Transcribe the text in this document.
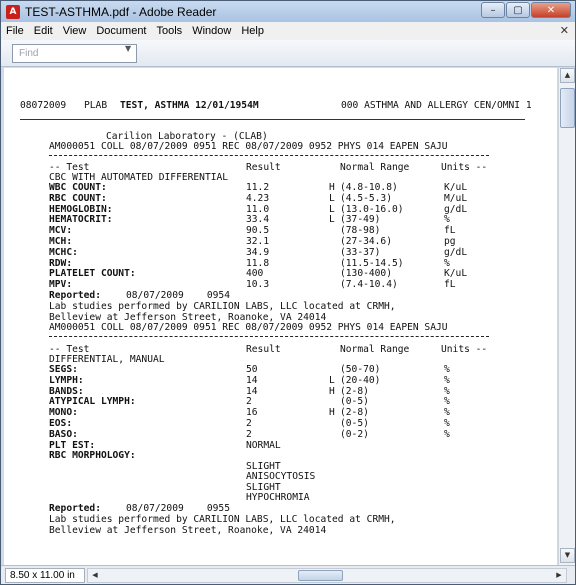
A TEST-ASTHMA.pdf - Adobe Reader	–	▢	✕
File Edit View Document Tools Window Help	✕
Find	▼
08072009 PLAB TEST, ASTHMA 12/01/1954M	000 ASTHMA AND ALLERGY CEN/OMNI 1
Carilion Laboratory - (CLAB)
AM000051 COLL 08/07/2009 0951 REC 08/07/2009 0952 PHYS 014 EAPEN SAJU
-- Test	Result	Normal Range	Units --
CBC WITH AUTOMATED DIFFERENTIAL
WBC COUNT:	11.2	H (4.8-10.8)	K/uL
RBC COUNT:	4.23	L (4.5-5.3)	M/uL
HEMOGLOBIN:	11.0	L (13.0-16.0)	g/dL
HEMATOCRIT:	33.4	L (37-49)	%
MCV:	90.5	(78-98)	fL
MCH:	32.1	(27-34.6)	pg
MCHC:	34.9	(33-37)	g/dL
RDW:	11.8	(11.5-14.5)	%
PLATELET COUNT:	400	(130-400)	K/uL
MPV:	10.3	(7.4-10.4)	fL
Reported:	08/07/2009    0954
Lab studies performed by CARILION LABS, LLC located at CRMH,
Belleview at Jefferson Street, Roanoke, VA 24014
AM000051 COLL 08/07/2009 0951 REC 08/07/2009 0952 PHYS 014 EAPEN SAJU
-- Test	Result	Normal Range	Units --
DIFFERENTIAL, MANUAL
SEGS:	50	(50-70)	%
LYMPH:	14	L (20-40)	%
BANDS:	14	H (2-8)	%
ATYPICAL LYMPH:	2	(0-5)	%
MONO:	16	H (2-8)	%
EOS:	2	(0-5)	%
BASO:	2	(0-2)	%
PLT EST:	NORMAL
RBC MORPHOLOGY:
SLIGHT
ANISOCYTOSIS
SLIGHT
HYPOCHROMIA
Reported:	08/07/2009    0955
Lab studies performed by CARILION LABS, LLC located at CRMH,
Belleview at Jefferson Street, Roanoke, VA 24014
▲
▼
8.50 x 11.00 in	◀	▶
